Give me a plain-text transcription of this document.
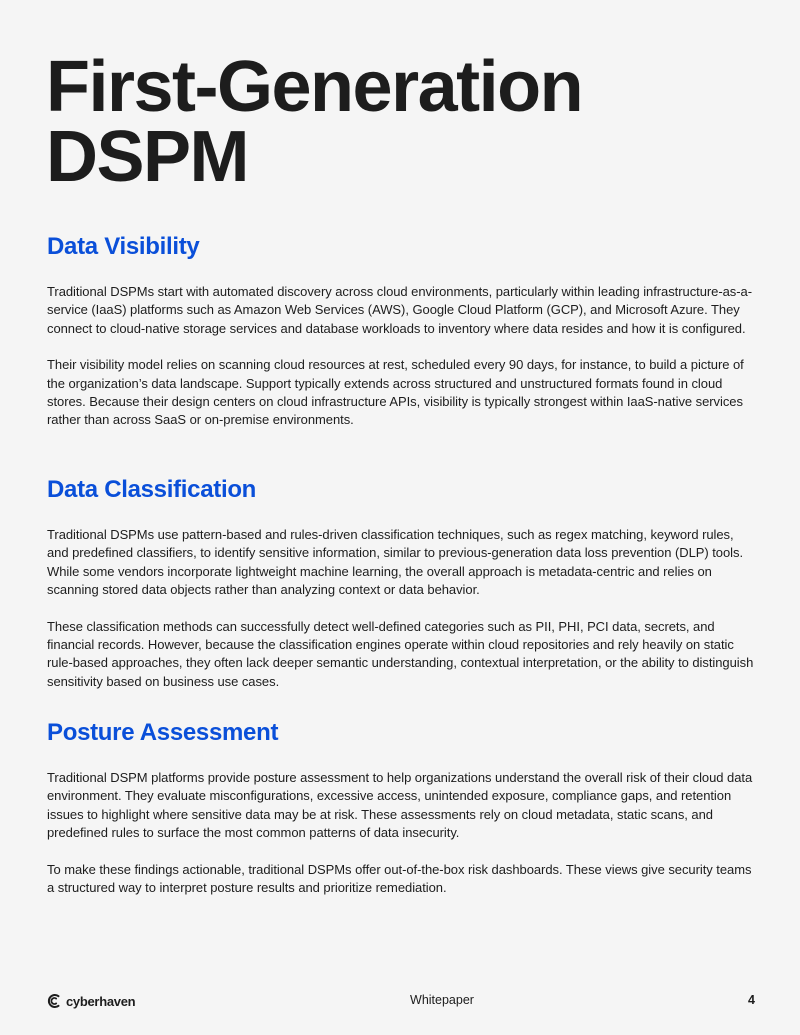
First-Generation
DSPM
Data Visibility

Traditional DSPMs start with automated discovery across cloud environments, particularly within leading infrastructure-as-a-service (IaaS) platforms such as Amazon Web Services (AWS), Google Cloud Platform (GCP), and Microsoft Azure. They connect to cloud-native storage services and database workloads to inventory where data resides and how it is configured.

Their visibility model relies on scanning cloud resources at rest, scheduled every 90 days, for instance, to build a picture of the organization’s data landscape. Support typically extends across structured and unstructured formats found in cloud stores. Because their design centers on cloud infrastructure APIs, visibility is typically strongest within IaaS-native services rather than across SaaS or on-premise environments.

Data Classification

Traditional DSPMs use pattern-based and rules-driven classification techniques, such as regex matching, keyword rules, and predefined classifiers, to identify sensitive information, similar to previous-generation data loss prevention (DLP) tools. While some vendors incorporate lightweight machine learning, the overall approach is metadata-centric and relies on scanning stored data objects rather than analyzing context or data behavior.

These classification methods can successfully detect well-defined categories such as PII, PHI, PCI data, secrets, and financial records. However, because the classification engines operate within cloud repositories and rely heavily on static rule-based approaches, they often lack deeper semantic understanding, contextual interpretation, or the ability to distinguish sensitivity based on business use cases.

Posture Assessment

Traditional DSPM platforms provide posture assessment to help organizations understand the overall risk of their cloud data environment. They evaluate misconfigurations, excessive access, unintended exposure, compliance gaps, and retention issues to highlight where sensitive data may be at risk. These assessments rely on cloud metadata, static scans, and predefined rules to surface the most common patterns of data insecurity.

To make these findings actionable, traditional DSPMs offer out-of-the-box risk dashboards. These views give security teams a structured way to interpret posture results and prioritize remediation.

cyberhaven	Whitepaper	4
